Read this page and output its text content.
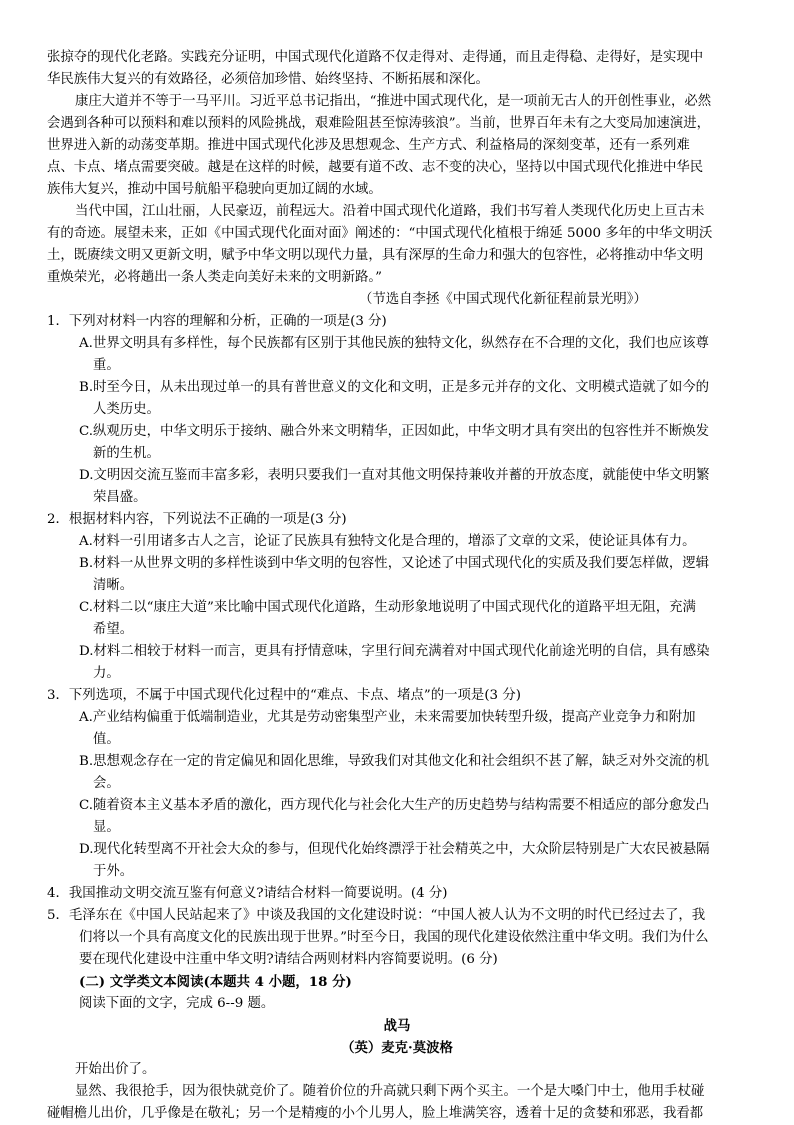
张掠夺的现代化老路。实践充分证明，中国式现代化道路不仅走得对、走得通，而且走得稳、走得好，是实现中
华民族伟大复兴的有效路径，必须倍加珍惜、始终坚持、不断拓展和深化。
康庄大道并不等于一马平川。习近平总书记指出，“推进中国式现代化，是一项前无古人的开创性事业，必然
会遇到各种可以预料和难以预料的风险挑战，艰难险阻甚至惊涛骇浪”。当前，世界百年未有之大变局加速演进，
世界进入新的动荡变革期。推进中国式现代化涉及思想观念、生产方式、利益格局的深刻变革，还有一系列难
点、卡点、堵点需要突破。越是在这样的时候，越要有道不改、志不变的决心，坚持以中国式现代化推进中华民
族伟大复兴，推动中国号航船平稳驶向更加辽阔的水域。
当代中国，江山壮丽，人民豪迈，前程远大。沿着中国式现代化道路，我们书写着人类现代化历史上亘古未
有的奇迹。展望未来，正如《中国式现代化面对面》阐述的：“中国式现代化植根于绵延 5000 多年的中华文明沃
土，既赓续文明又更新文明，赋予中华文明以现代力量，具有深厚的生命力和强大的包容性，必将推动中华文明
重焕荣光，必将趟出一条人类走向美好未来的文明新路。”
（节选自李拯《中国式现代化新征程前景光明》）
1．下列对材料一内容的理解和分析，正确的一项是(3 分)
A.世界文明具有多样性，每个民族都有区别于其他民族的独特文化，纵然存在不合理的文化，我们也应该尊
重。
B.时至今日，从未出现过单一的具有普世意义的文化和文明，正是多元并存的文化、文明模式造就了如今的
人类历史。
C.纵观历史，中华文明乐于接纳、融合外来文明精华，正因如此，中华文明才具有突出的包容性并不断焕发
新的生机。
D.文明因交流互鉴而丰富多彩，表明只要我们一直对其他文明保持兼收并蓄的开放态度，就能使中华文明繁
荣昌盛。
2．根据材料内容，下列说法不正确的一项是(3 分)
A.材料一引用诸多古人之言，论证了民族具有独特文化是合理的，增添了文章的文采，使论证具体有力。
B.材料一从世界文明的多样性谈到中华文明的包容性，又论述了中国式现代化的实质及我们要怎样做，逻辑
清晰。
C.材料二以“康庄大道”来比喻中国式现代化道路，生动形象地说明了中国式现代化的道路平坦无阻，充满
希望。
D.材料二相较于材料一而言，更具有抒情意味，字里行间充满着对中国式现代化前途光明的自信，具有感染
力。
3．下列选项，不属于中国式现代化过程中的“难点、卡点、堵点”的一项是(3 分)
A.产业结构偏重于低端制造业，尤其是劳动密集型产业，未来需要加快转型升级，提高产业竞争力和附加
值。
B.思想观念存在一定的肯定偏见和固化思维，导致我们对其他文化和社会组织不甚了解，缺乏对外交流的机
会。
C.随着资本主义基本矛盾的激化，西方现代化与社会化大生产的历史趋势与结构需要不相适应的部分愈发凸
显。
D.现代化转型离不开社会大众的参与，但现代化始终漂浮于社会精英之中，大众阶层特别是广大农民被悬隔
于外。
4．我国推动文明交流互鉴有何意义?请结合材料一简要说明。(4 分)
5．毛泽东在《中国人民站起来了》中谈及我国的文化建设时说：“中国人被人认为不文明的时代已经过去了，我
们将以一个具有高度文化的民族出现于世界。”时至今日，我国的现代化建设依然注重中华文明。我们为什么
要在现代化建设中注重中华文明?请结合两则材料内容简要说明。(6 分)
(二) 文学类文本阅读(本题共 4 小题，18 分)
阅读下面的文字，完成 6--9 题。
战马
（英）麦克·莫波格
开始出价了。
显然、我很抢手，因为很快就竞价了。随着价位的升高就只剩下两个买主。一个是大嗓门中士，他用手杖碰
碰帽檐儿出价，几乎像是在敬礼；另一个是精瘦的小个儿男人，脸上堆满笑容，透着十足的贪婪和邪恶，我看都
